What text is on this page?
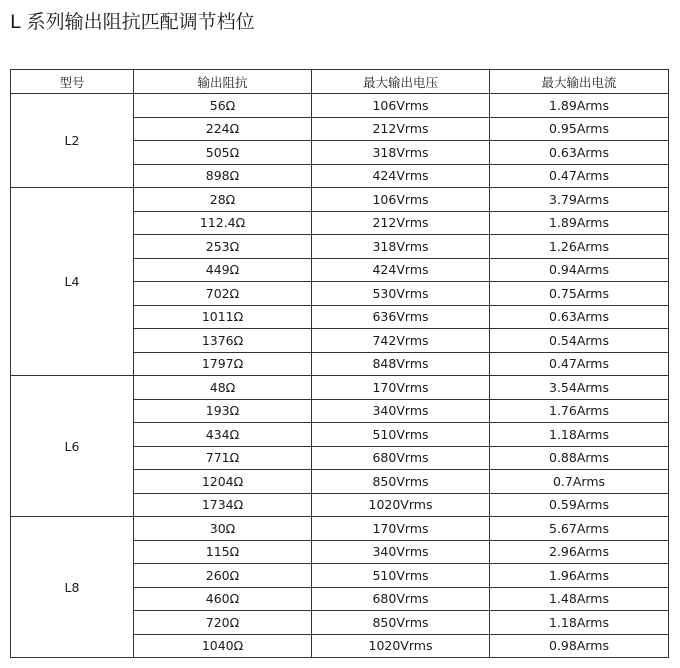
L 系列输出阻抗匹配调节档位
型号	输出阻抗	最大输出电压	最大输出电流
L2	56Ω	106Vrms	1.89Arms
	224Ω	212Vrms	0.95Arms
	505Ω	318Vrms	0.63Arms
	898Ω	424Vrms	0.47Arms
L4	28Ω	106Vrms	3.79Arms
	112.4Ω	212Vrms	1.89Arms
	253Ω	318Vrms	1.26Arms
	449Ω	424Vrms	0.94Arms
	702Ω	530Vrms	0.75Arms
	1011Ω	636Vrms	0.63Arms
	1376Ω	742Vrms	0.54Arms
	1797Ω	848Vrms	0.47Arms
L6	48Ω	170Vrms	3.54Arms
	193Ω	340Vrms	1.76Arms
	434Ω	510Vrms	1.18Arms
	771Ω	680Vrms	0.88Arms
	1204Ω	850Vrms	0.7Arms
	1734Ω	1020Vrms	0.59Arms
L8	30Ω	170Vrms	5.67Arms
	115Ω	340Vrms	2.96Arms
	260Ω	510Vrms	1.96Arms
	460Ω	680Vrms	1.48Arms
	720Ω	850Vrms	1.18Arms
	1040Ω	1020Vrms	0.98Arms
